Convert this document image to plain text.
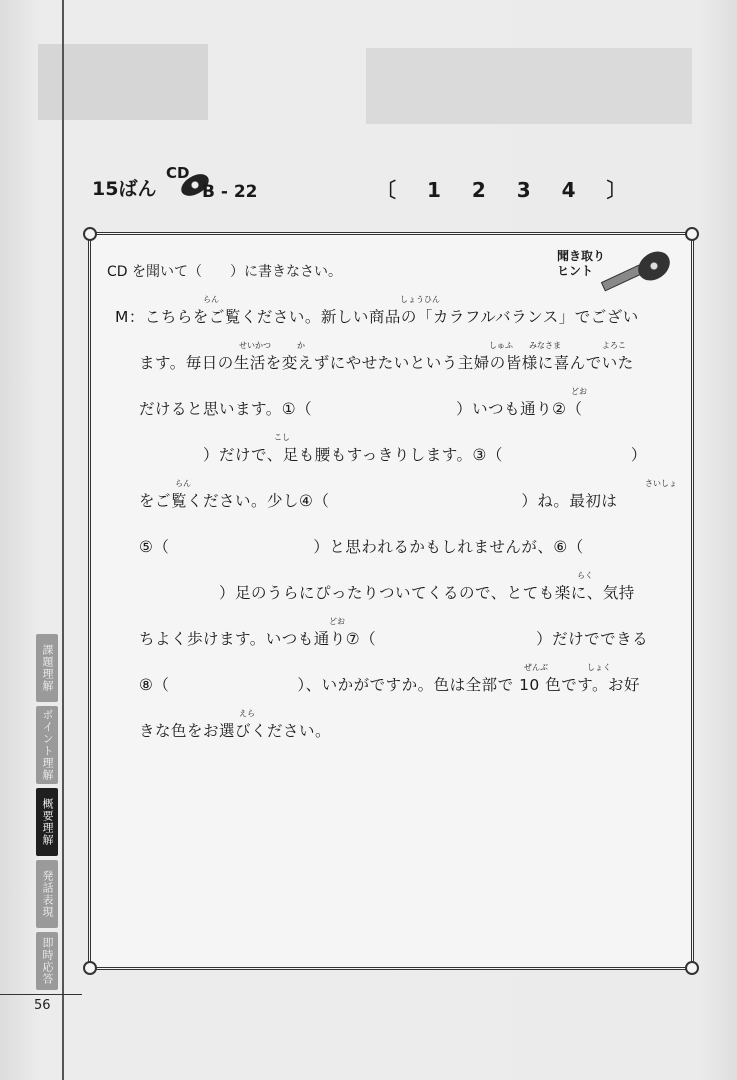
15ばん
CD
B - 22	〔 1 2 3 4 〕
CD を聞いて（　　）に書きなさい。
聞き取り
ヒント
M：こちらをご覧ください。新しい商品の「カラフルバランス」でござい
ます。毎日の生活を変えずにやせたいという主婦の皆様に喜んでいた
だけると思います。①（　　　　　　　　　）いつも通り②（
　　　　）だけで、足も腰もすっきりします。③（　　　　　　　　）
をご覧ください。少し④（　　　　　　　　　　　　）ね。最初は
⑤（　　　　　　　　　）と思われるかもしれませんが、⑥（
　　　　　）足のうらにぴったりついてくるので、とても楽に、気持
ちよく歩けます。いつも通り⑦（　　　　　　　　　　）だけでできる
⑧（　　　　　　　　）、いかがですか。色は全部で 10 色です。お好
きな色をお選びください。
らん	しょうひん
せいかつ	か	しゅふ みなさま	よろこ
どお
こし
らん	さいしょ
らく
どお
ぜんぶ	しょく
えら
課題理解
ポイント理解
概要理解
発話表現
即時応答
56
